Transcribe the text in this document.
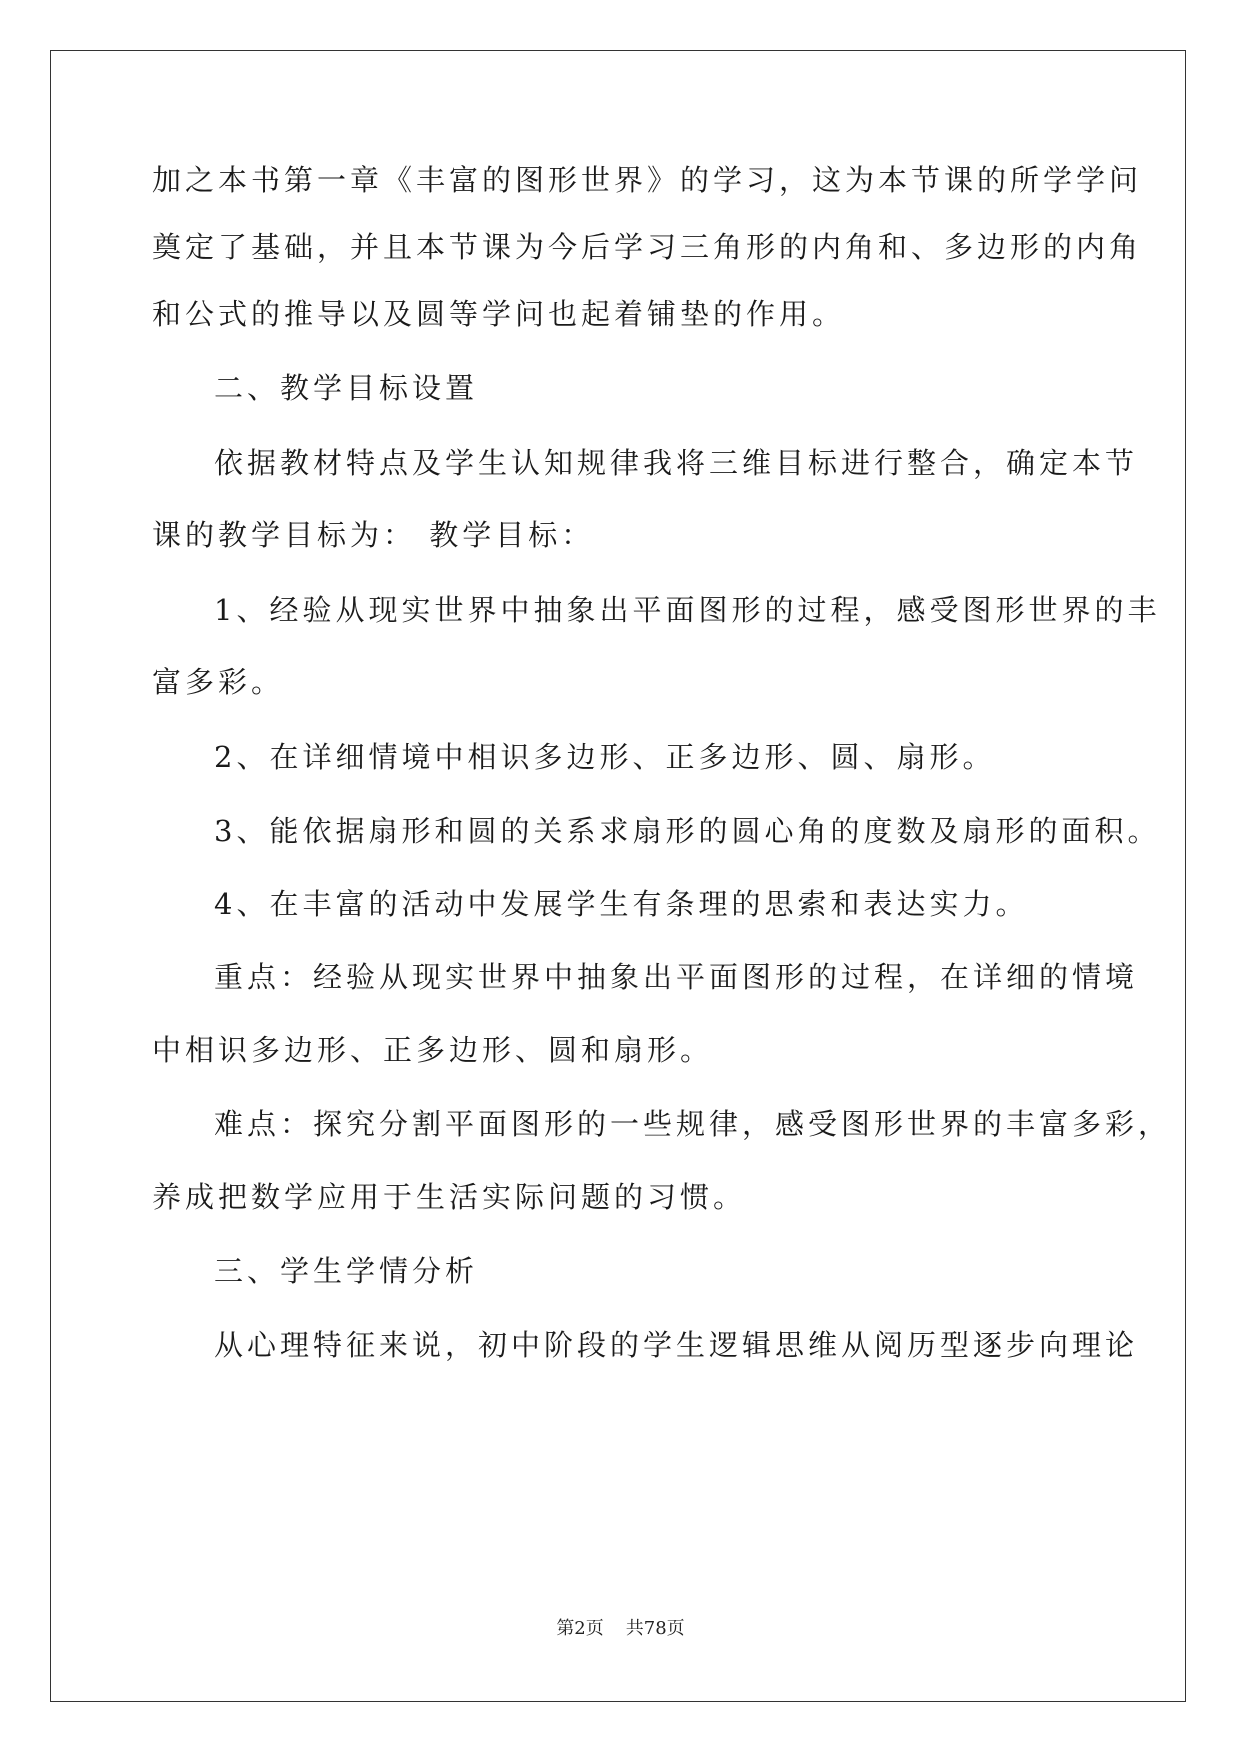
加之本书第一章《丰富的图形世界》的学习，这为本节课的所学学问
奠定了基础，并且本节课为今后学习三角形的内角和、多边形的内角
和公式的推导以及圆等学问也起着铺垫的作用。
二、教学目标设置
依据教材特点及学生认知规律我将三维目标进行整合，确定本节
课的教学目标为： 教学目标：
1、经验从现实世界中抽象出平面图形的过程，感受图形世界的丰
富多彩。
2、在详细情境中相识多边形、正多边形、圆、扇形。
3、能依据扇形和圆的关系求扇形的圆心角的度数及扇形的面积。
4、在丰富的活动中发展学生有条理的思索和表达实力。
重点：经验从现实世界中抽象出平面图形的过程，在详细的情境
中相识多边形、正多边形、圆和扇形。
难点：探究分割平面图形的一些规律，感受图形世界的丰富多彩，
养成把数学应用于生活实际问题的习惯。
三、学生学情分析
从心理特征来说，初中阶段的学生逻辑思维从阅历型逐步向理论
第2页 共78页
